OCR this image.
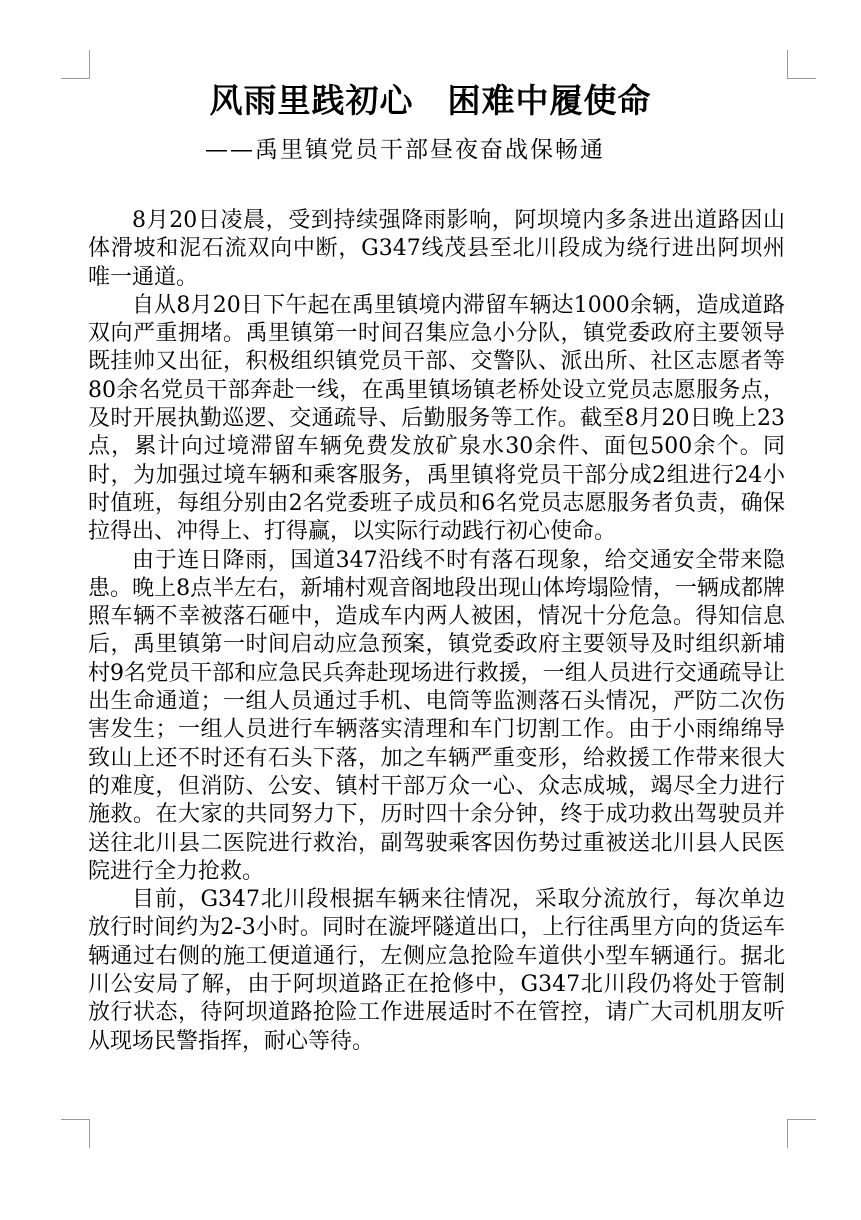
风雨里践初心　困难中履使命
——禹里镇党员干部昼夜奋战保畅通

8月20日凌晨，受到持续强降雨影响，阿坝境内多条进出道路因山体滑坡和泥石流双向中断，G347线茂县至北川段成为绕行进出阿坝州唯一通道。

自从8月20日下午起在禹里镇境内滞留车辆达1000余辆，造成道路双向严重拥堵。禹里镇第一时间召集应急小分队，镇党委政府主要领导既挂帅又出征，积极组织镇党员干部、交警队、派出所、社区志愿者等80余名党员干部奔赴一线，在禹里镇场镇老桥处设立党员志愿服务点，及时开展执勤巡逻、交通疏导、后勤服务等工作。截至8月20日晚上23点，累计向过境滞留车辆免费发放矿泉水30余件、面包500余个。同时，为加强过境车辆和乘客服务，禹里镇将党员干部分成2组进行24小时值班，每组分别由2名党委班子成员和6名党员志愿服务者负责，确保拉得出、冲得上、打得赢，以实际行动践行初心使命。

由于连日降雨，国道347沿线不时有落石现象，给交通安全带来隐患。晚上8点半左右，新埔村观音阁地段出现山体垮塌险情，一辆成都牌照车辆不幸被落石砸中，造成车内两人被困，情况十分危急。得知信息后，禹里镇第一时间启动应急预案，镇党委政府主要领导及时组织新埔村9名党员干部和应急民兵奔赴现场进行救援，一组人员进行交通疏导让出生命通道；一组人员通过手机、电筒等监测落石头情况，严防二次伤害发生；一组人员进行车辆落实清理和车门切割工作。由于小雨绵绵导致山上还不时还有石头下落，加之车辆严重变形，给救援工作带来很大的难度，但消防、公安、镇村干部万众一心、众志成城，竭尽全力进行施救。在大家的共同努力下，历时四十余分钟，终于成功救出驾驶员并送往北川县二医院进行救治，副驾驶乘客因伤势过重被送北川县人民医院进行全力抢救。

目前，G347北川段根据车辆来往情况，采取分流放行，每次单边放行时间约为2-3小时。同时在漩坪隧道出口，上行往禹里方向的货运车辆通过右侧的施工便道通行，左侧应急抢险车道供小型车辆通行。据北川公安局了解，由于阿坝道路正在抢修中，G347北川段仍将处于管制放行状态，待阿坝道路抢险工作进展适时不在管控，请广大司机朋友听从现场民警指挥，耐心等待。
